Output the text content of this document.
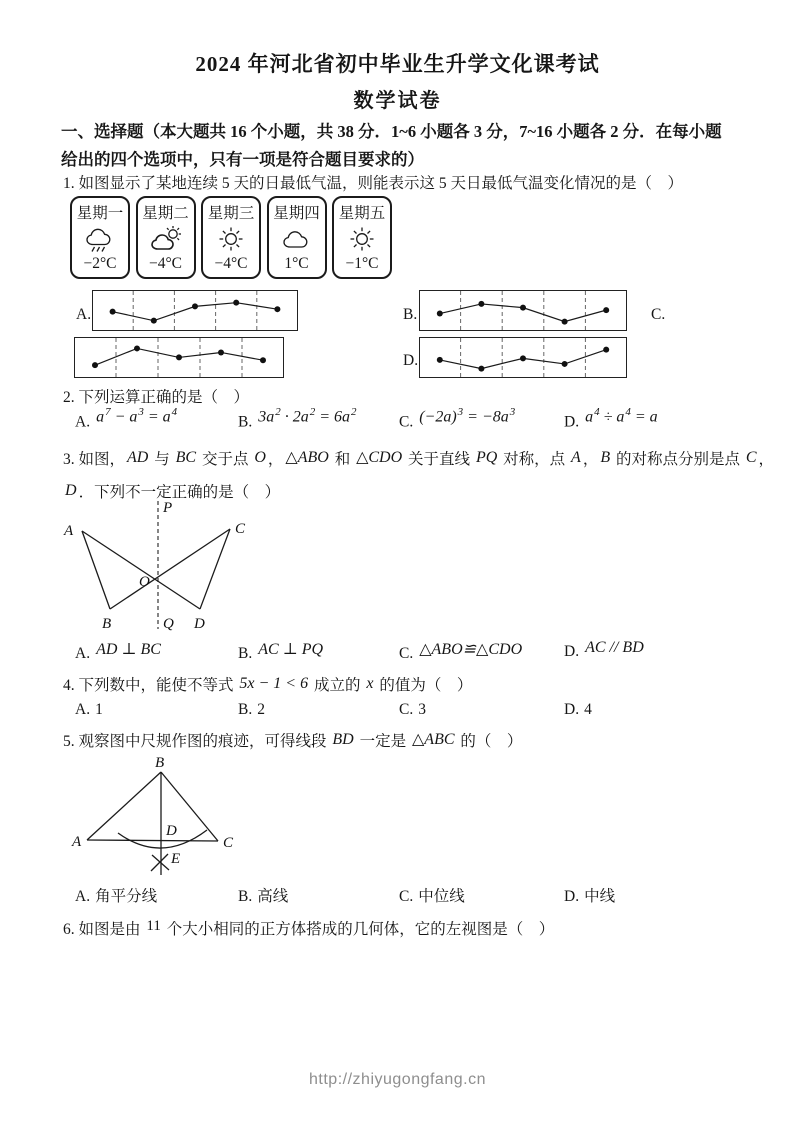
2024 年河北省初中毕业生升学文化课考试
数学试卷
一、选择题（本大题共 16 个小题，共 38 分．1~6 小题各 3 分，7~16 小题各 2 分．在每小题
给出的四个选项中，只有一项是符合题目要求的）
1. 如图显示了某地连续 5 天的日最低气温，则能表示这 5 天日最低气温变化情况的是（　）
星期一
−2°C
星期二
−4°C
星期三
−4°C
星期四
1°C
星期五
−1°C
A.	B.	C.
D.
2. 下列运算正确的是（　）
A. $a^7 - a^3 = a^4$
B. $3a^2 \cdot 2a^2 = 6a^2$
C. $(-2a)^3 = -8a^3$
D. $a^4 \div a^4 = a$
3. 如图， AD 与 BC 交于点 O ， △ABO 和 △CDO 关于直线 PQ 对称，点 A ， B 的对称点分别是点 C ，
D ．下列不一定正确的是（　）
P
A	C
O
B	D
Q
A. AD ⊥ BC	B. AC ⊥ PQ	C. △ABO≌△CDO	D. AC // BD
4. 下列数中，能使不等式 5x − 1 < 6 成立的 x 的值为（　）
A. 1	B. 2	C. 3	D. 4
5. 观察图中尺规作图的痕迹，可得线段 BD 一定是 △ABC 的（　）
B
A	C
D
E
A. 角平分线	B. 高线	C. 中位线	D. 中线
6. 如图是由 11 个大小相同的正方体搭成的几何体，它的左视图是（　）
http://zhiyugongfang.cn
